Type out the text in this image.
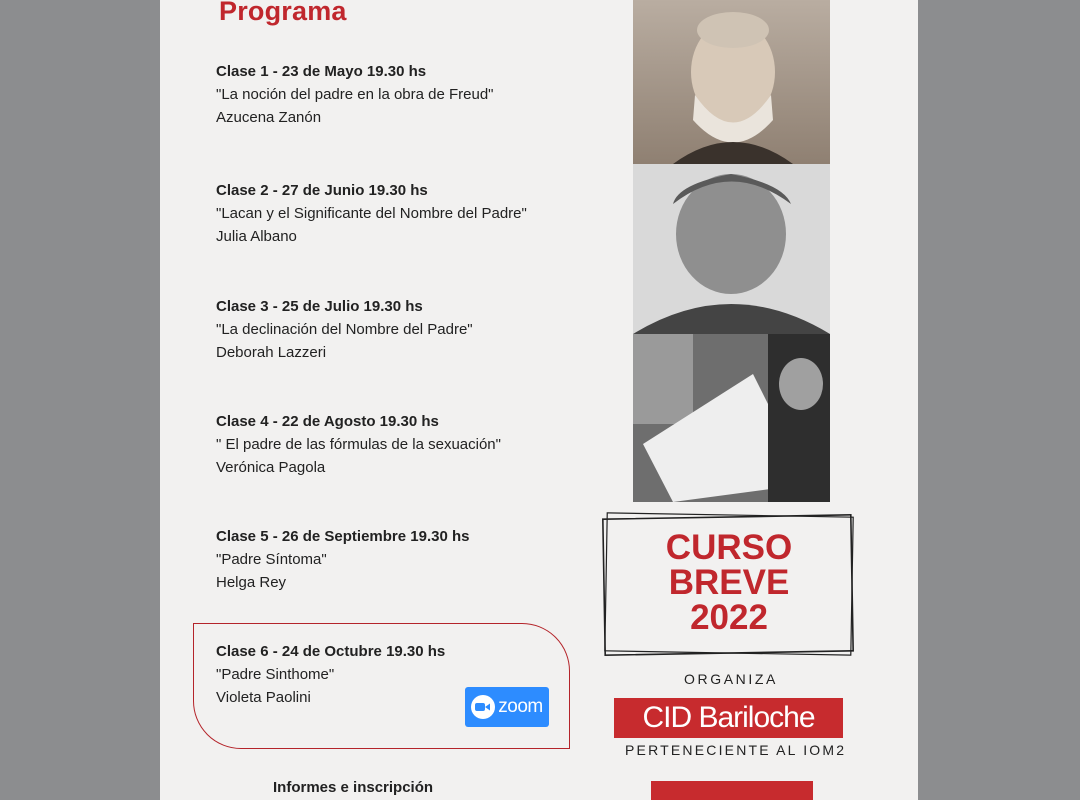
Programa
Clase 1 - 23 de Mayo 19.30 hs
"La noción del padre en la obra de Freud"
Azucena Zanón
Clase 2 - 27 de Junio 19.30 hs
"Lacan y el Significante del Nombre del Padre"
Julia Albano
Clase 3 - 25 de Julio 19.30 hs
"La declinación del Nombre del Padre"
Deborah Lazzeri
Clase 4 - 22 de Agosto 19.30 hs
" El padre de las fórmulas de la sexuación"
Verónica Pagola
Clase 5 - 26 de Septiembre 19.30 hs
"Padre Síntoma"
Helga Rey
Clase 6 - 24 de Octubre 19.30 hs
"Padre Sinthome"
Violeta Paolini	zoom
CURSO
BREVE
2022
ORGANIZA
CID Bariloche
PERTENECIENTE AL IOM2
Informes e inscripción
